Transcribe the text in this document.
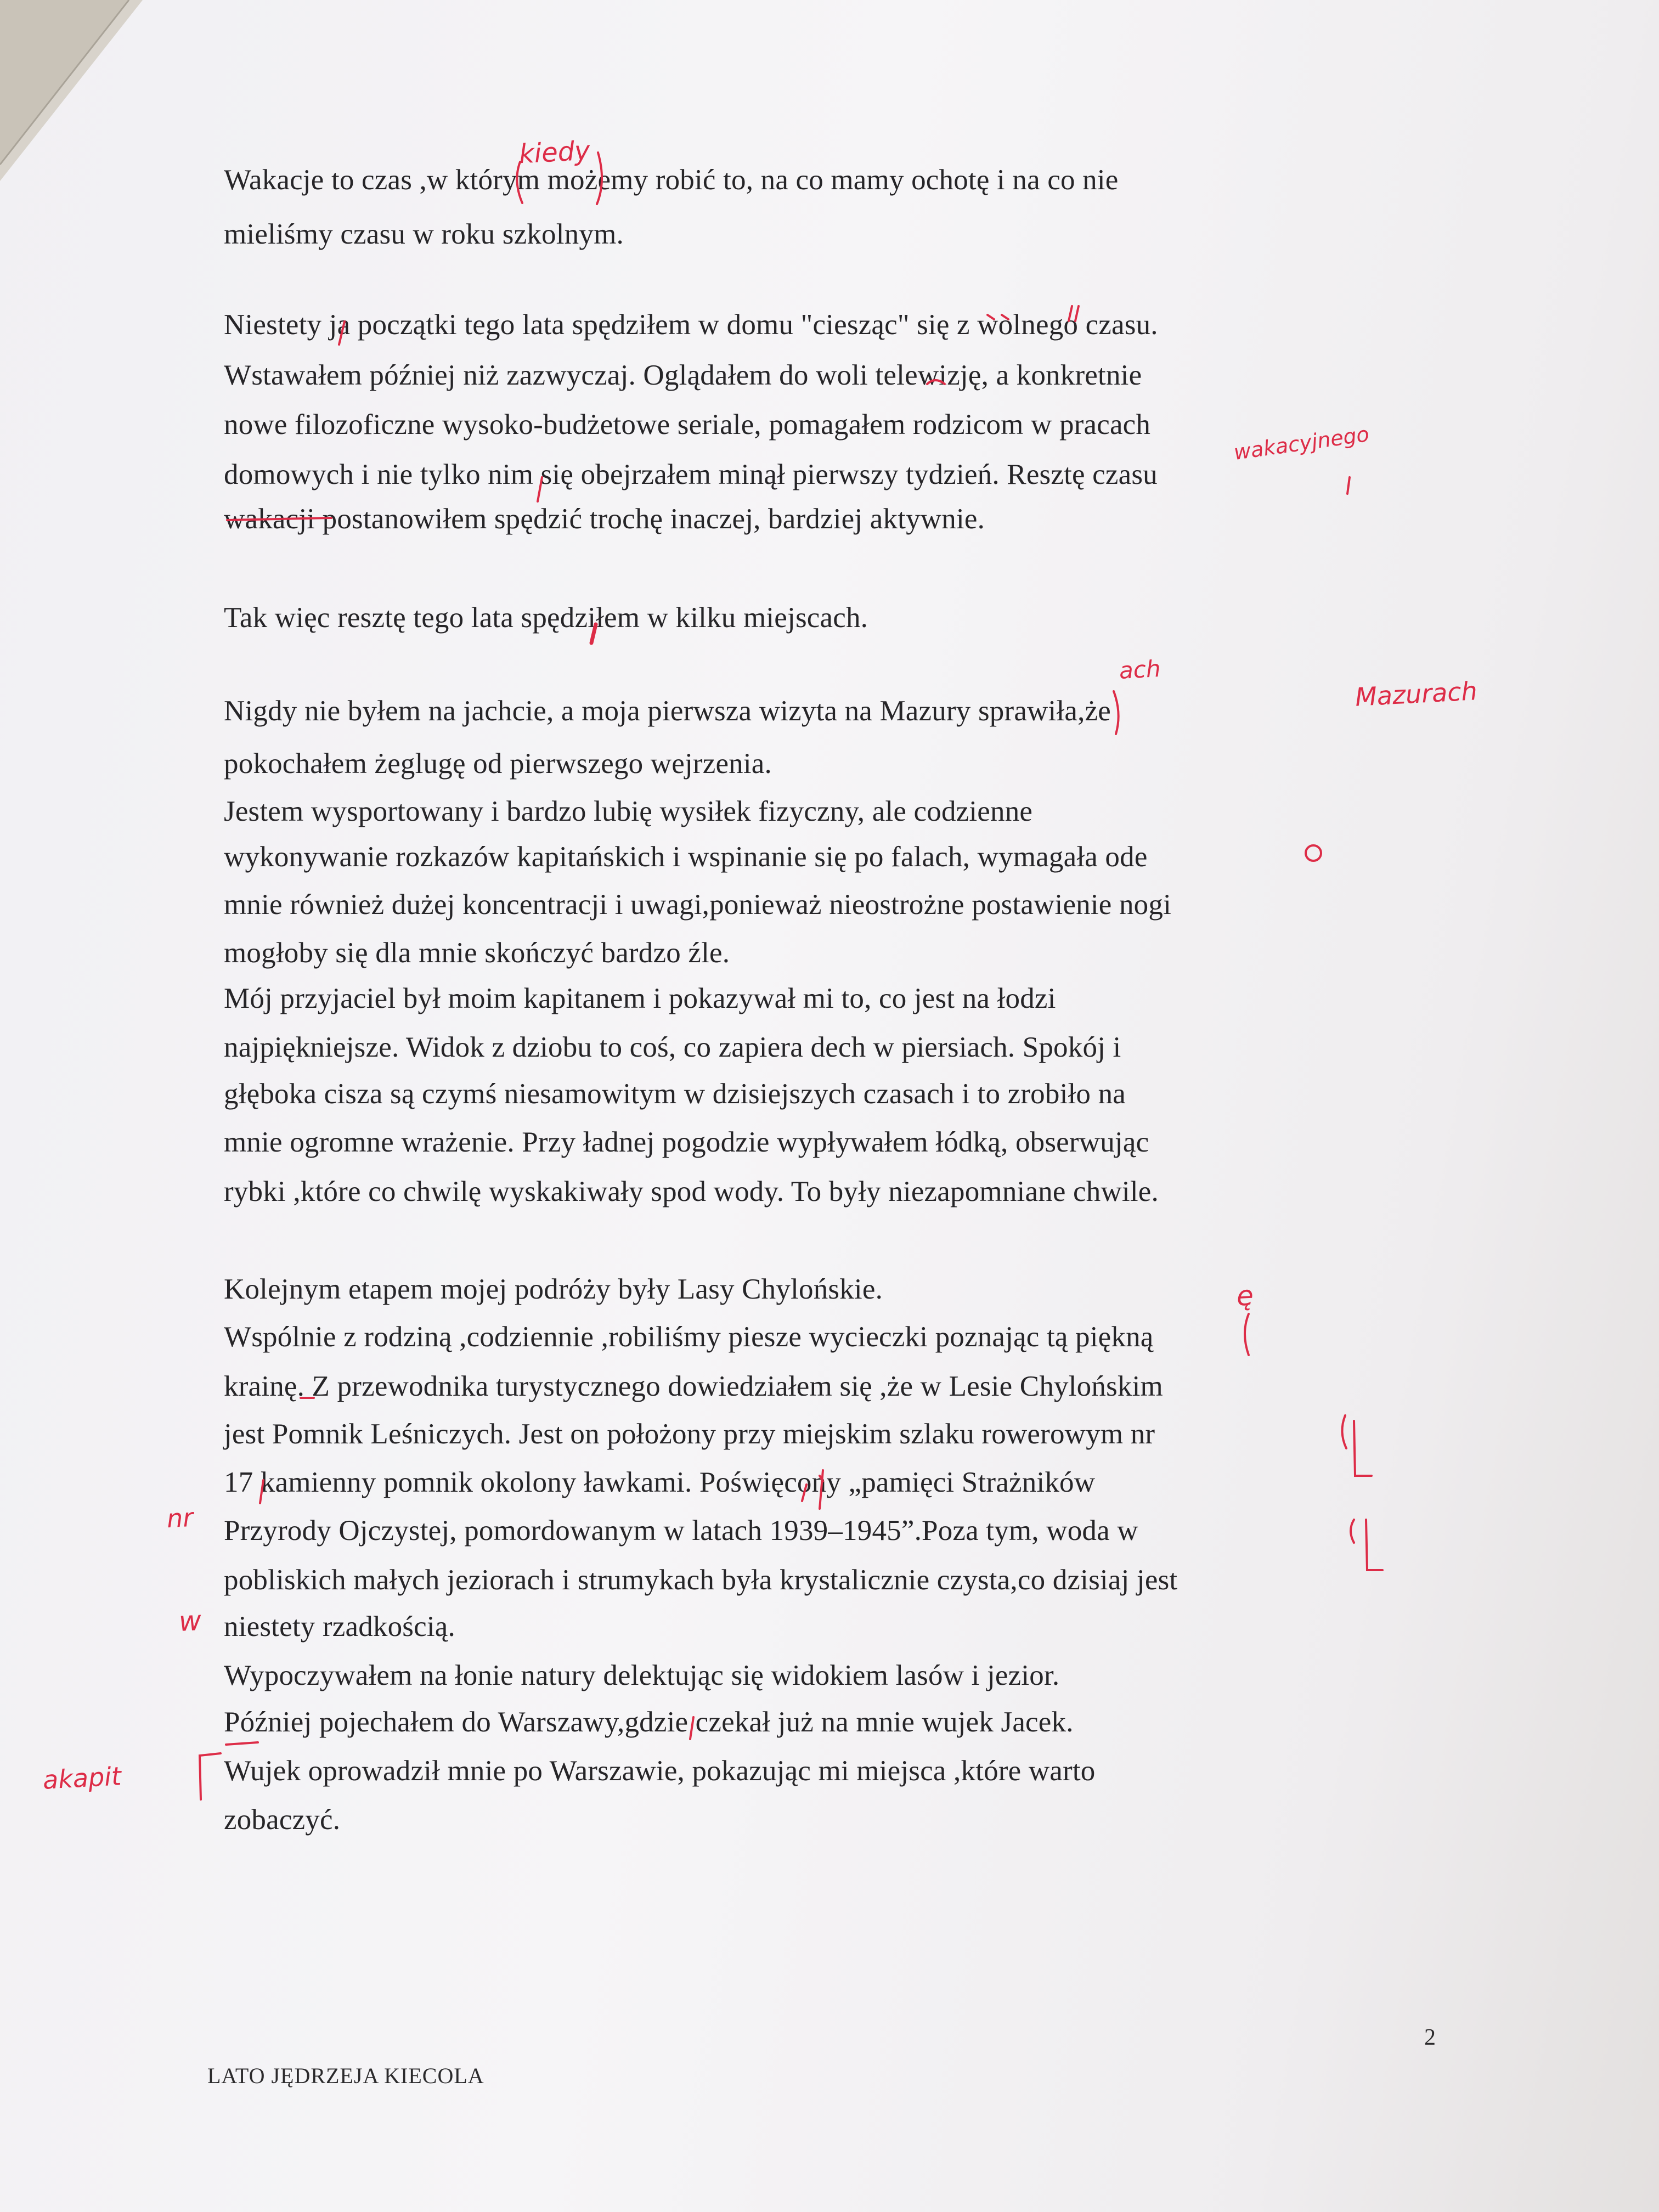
Wakacje to czas ,w którym możemy robić to, na co mamy ochotę i na co nie

mieliśmy czasu w roku szkolnym.

Niestety ja początki tego lata spędziłem w domu "ciesząc" się z wolnego czasu.

Wstawałem później niż zazwyczaj. Oglądałem do woli telewizję, a konkretnie

nowe filozoficzne wysoko-budżetowe seriale, pomagałem rodzicom w pracach

domowych i nie tylko nim się obejrzałem minął pierwszy tydzień. Resztę czasu

wakacji postanowiłem spędzić trochę inaczej, bardziej aktywnie.

Tak więc resztę tego lata spędziłem w kilku miejscach.

Nigdy nie byłem na jachcie, a moja pierwsza wizyta na Mazury sprawiła,że

pokochałem żeglugę od pierwszego wejrzenia.

Jestem wysportowany i bardzo lubię wysiłek fizyczny, ale codzienne

wykonywanie rozkazów kapitańskich i wspinanie się po falach, wymagała ode

mnie również dużej koncentracji i uwagi,ponieważ nieostrożne postawienie nogi

mogłoby się dla mnie skończyć bardzo źle.

Mój przyjaciel był moim kapitanem i pokazywał mi to, co jest na łodzi

najpiękniejsze. Widok z dziobu to coś, co zapiera dech w piersiach. Spokój i

głęboka cisza są czymś niesamowitym w dzisiejszych czasach i to zrobiło na

mnie ogromne wrażenie. Przy ładnej pogodzie wypływałem łódką, obserwując

rybki ,które co chwilę wyskakiwały spod wody. To były niezapomniane chwile.

Kolejnym etapem mojej podróży były Lasy Chylońskie.

Wspólnie z rodziną ,codziennie ,robiliśmy piesze wycieczki poznając tą piękną

krainę. Z przewodnika turystycznego dowiedziałem się ,że w Lesie Chylońskim

jest Pomnik Leśniczych. Jest on położony przy miejskim szlaku rowerowym nr

17 kamienny pomnik okolony ławkami. Poświęcony „pamięci Strażników

Przyrody Ojczystej, pomordowanym w latach 1939–1945”.Poza tym, woda w

pobliskich małych jeziorach i strumykach była krystalicznie czysta,co dzisiaj jest

niestety rzadkością.

Wypoczywałem na łonie natury delektując się widokiem lasów i jezior.

Później pojechałem do Warszawy,gdzie czekał już na mnie wujek Jacek.

Wujek oprowadził mnie po Warszawie, pokazując mi miejsca ,które warto

zobaczyć.

kiedy
wakacyjnego
ach
Mazurach
ę
nr
w
akapit
LATO JĘDRZEJA KIECOLA
2
